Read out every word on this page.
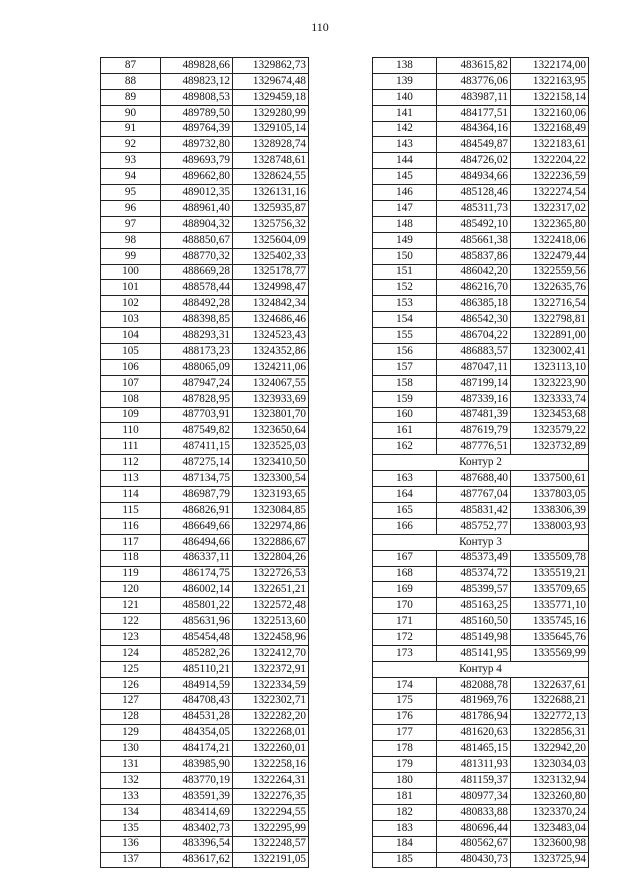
110
87	489828,66	1329862,73
88	489823,12	1329674,48
89	489808,53	1329459,18
90	489789,50	1329280,99
91	489764,39	1329105,14
92	489732,80	1328928,74
93	489693,79	1328748,61
94	489662,80	1328624,55
95	489012,35	1326131,16
96	488961,40	1325935,87
97	488904,32	1325756,32
98	488850,67	1325604,09
99	488770,32	1325402,33
100	488669,28	1325178,77
101	488578,44	1324998,47
102	488492,28	1324842,34
103	488398,85	1324686,46
104	488293,31	1324523,43
105	488173,23	1324352,86
106	488065,09	1324211,06
107	487947,24	1324067,55
108	487828,95	1323933,69
109	487703,91	1323801,70
110	487549,82	1323650,64
111	487411,15	1323525,03
112	487275,14	1323410,50
113	487134,75	1323300,54
114	486987,79	1323193,65
115	486826,91	1323084,85
116	486649,66	1322974,86
117	486494,66	1322886,67
118	486337,11	1322804,26
119	486174,75	1322726,53
120	486002,14	1322651,21
121	485801,22	1322572,48
122	485631,96	1322513,60
123	485454,48	1322458,96
124	485282,26	1322412,70
125	485110,21	1322372,91
126	484914,59	1322334,59
127	484708,43	1322302,71
128	484531,28	1322282,20
129	484354,05	1322268,01
130	484174,21	1322260,01
131	483985,90	1322258,16
132	483770,19	1322264,31
133	483591,39	1322276,35
134	483414,69	1322294,55
135	483402,73	1322295,99
136	483396,54	1322248,57
137	483617,62	1322191,05
138	483615,82	1322174,00
139	483776,06	1322163,95
140	483987,11	1322158,14
141	484177,51	1322160,06
142	484364,16	1322168,49
143	484549,87	1322183,61
144	484726,02	1322204,22
145	484934,66	1322236,59
146	485128,46	1322274,54
147	485311,73	1322317,02
148	485492,10	1322365,80
149	485661,38	1322418,06
150	485837,86	1322479,44
151	486042,20	1322559,56
152	486216,70	1322635,76
153	486385,18	1322716,54
154	486542,30	1322798,81
155	486704,22	1322891,00
156	486883,57	1323002,41
157	487047,11	1323113,10
158	487199,14	1323223,90
159	487339,16	1323333,74
160	487481,39	1323453,68
161	487619,79	1323579,22
162	487776,51	1323732,89
Контур 2		
163	487688,40	1337500,61
164	487767,04	1337803,05
165	485831,42	1338306,39
166	485752,77	1338003,93
Контур 3		
167	485373,49	1335509,78
168	485374,72	1335519,21
169	485399,57	1335709,65
170	485163,25	1335771,10
171	485160,50	1335745,16
172	485149,98	1335645,76
173	485141,95	1335569,99
Контур 4		
174	482088,78	1322637,61
175	481969,76	1322688,21
176	481786,94	1322772,13
177	481620,63	1322856,31
178	481465,15	1322942,20
179	481311,93	1323034,03
180	481159,37	1323132,94
181	480977,34	1323260,80
182	480833,88	1323370,24
183	480696,44	1323483,04
184	480562,67	1323600,98
185	480430,73	1323725,94
